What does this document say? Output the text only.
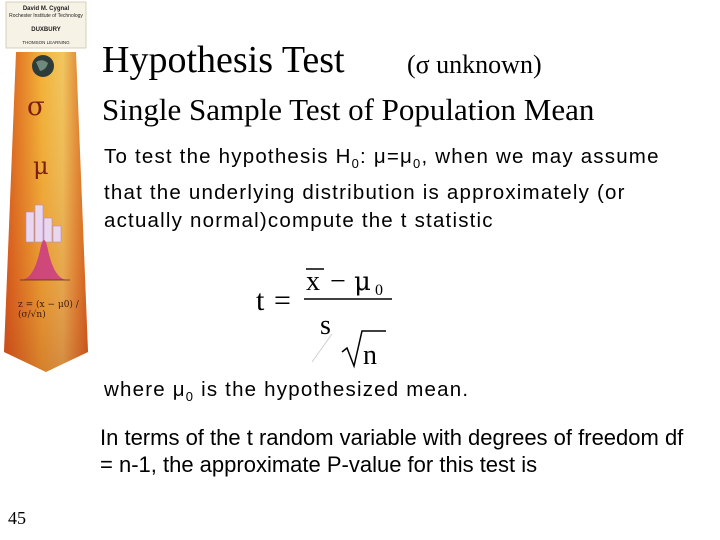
David M. Cygnal
Rochester Institute of Technology
DUXBURY
THOMSON LEARNING
σ
μ
z = (x − μ0) / (σ/√n)
45
Hypothesis Test (σ unknown)
Single Sample Test of Population Mean
To test the hypothesis $H_0$: $\mu=\mu_0$, when we may assume that the underlying distribution is approximately (or actually normal)compute the t statistic
t =
x − μ 0
s
n
where $\mu_0$ is the hypothesized mean.
In terms of the t random variable with degrees of freedom df = n-1, the approximate P-value for this test is
